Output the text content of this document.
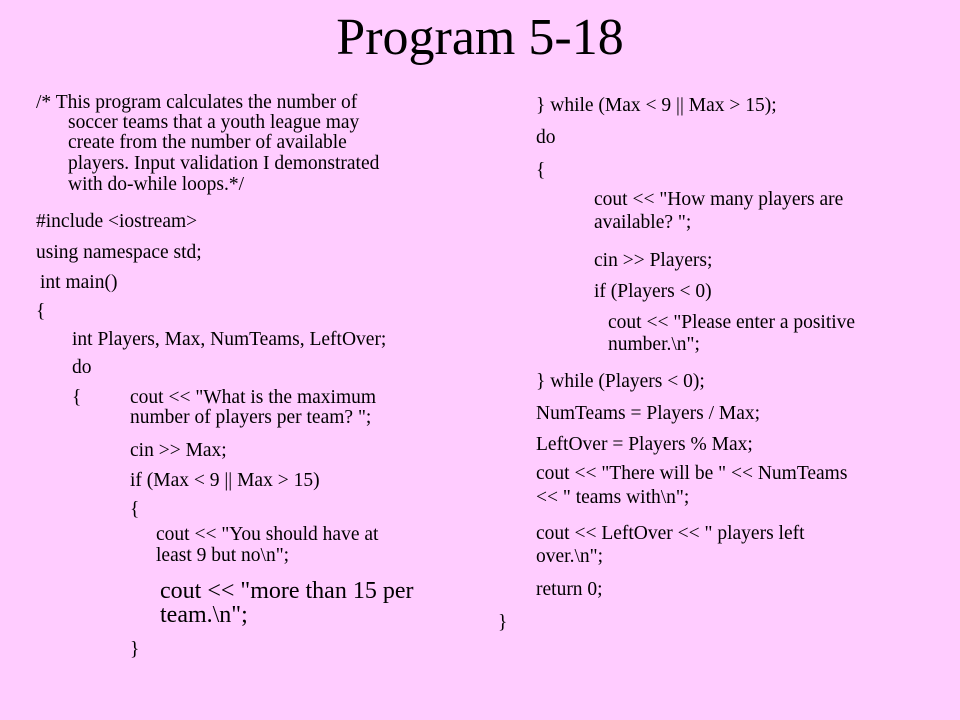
Program 5-18
/* This program calculates the number of
soccer teams that a youth league may
create from the number of available
players. Input validation I demonstrated
with do-while loops.*/
#include <iostream>
using namespace std;
int main()
{
int Players, Max, NumTeams, LeftOver;
do
{ cout << "What is the maximum
number of players per team? ";
cin >> Max;
if (Max < 9 || Max > 15)
{
cout << "You should have at
least 9 but no\n";
cout << "more than 15 per
team.\n";
}
} while (Max < 9 || Max > 15);
do
{
cout << "How many players are
available? ";
cin >> Players;
if (Players < 0)
cout << "Please enter a positive
number.\n";
} while (Players < 0);
NumTeams = Players / Max;
LeftOver = Players % Max;
cout << "There will be " << NumTeams
<< " teams with\n";
cout << LeftOver << " players left
over.\n";
return 0;
}
